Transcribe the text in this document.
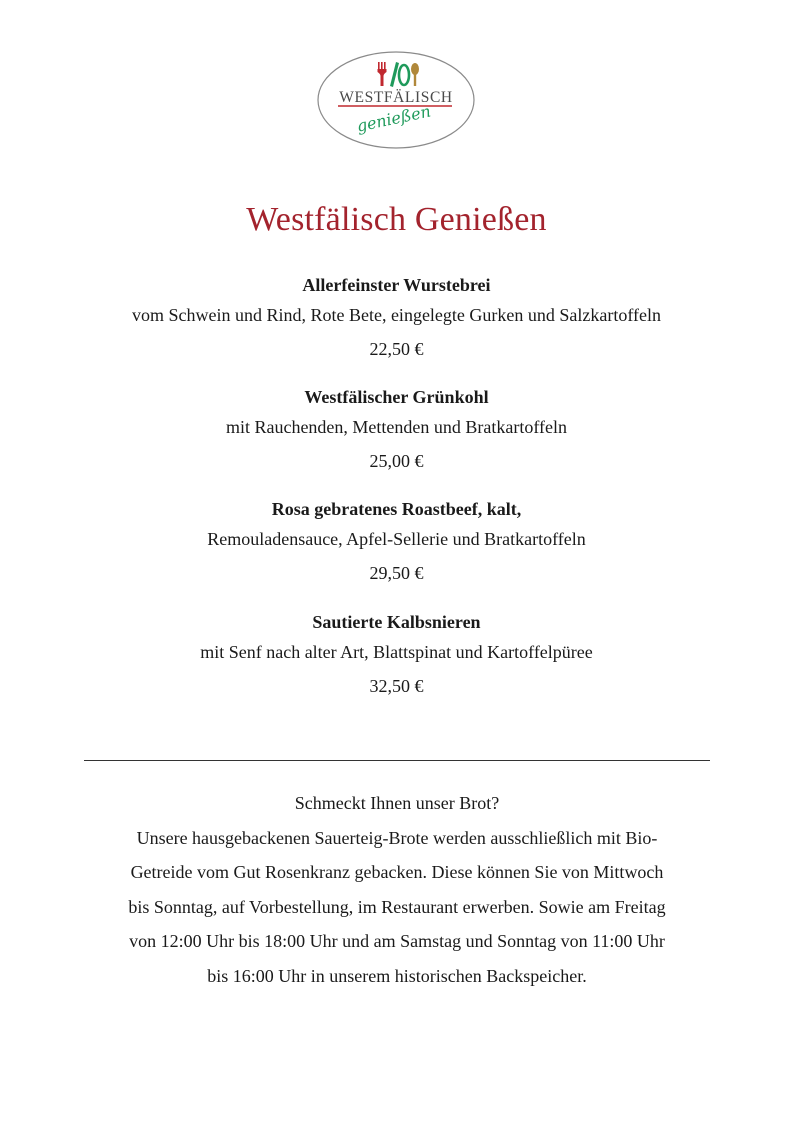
WESTFÄLISCH
genießen
Westfälisch Genießen
Allerfeinster Wurstebrei
vom Schwein und Rind, Rote Bete, eingelegte Gurken und Salzkartoffeln
22,50 €
Westfälischer Grünkohl
mit Rauchenden, Mettenden und Bratkartoffeln
25,00 €
Rosa gebratenes Roastbeef, kalt,
Remouladensauce, Apfel-Sellerie und Bratkartoffeln
29,50 €
Sautierte Kalbsnieren
mit Senf nach alter Art, Blattspinat und Kartoffelpüree
32,50 €

Schmeckt Ihnen unser Brot?

Unsere hausgebackenen Sauerteig-Brote werden ausschließlich mit Bio-

Getreide vom Gut Rosenkranz gebacken. Diese können Sie von Mittwoch

bis Sonntag, auf Vorbestellung, im Restaurant erwerben. Sowie am Freitag

von 12:00 Uhr bis 18:00 Uhr und am Samstag und Sonntag von 11:00 Uhr

bis 16:00 Uhr in unserem historischen Backspeicher.
